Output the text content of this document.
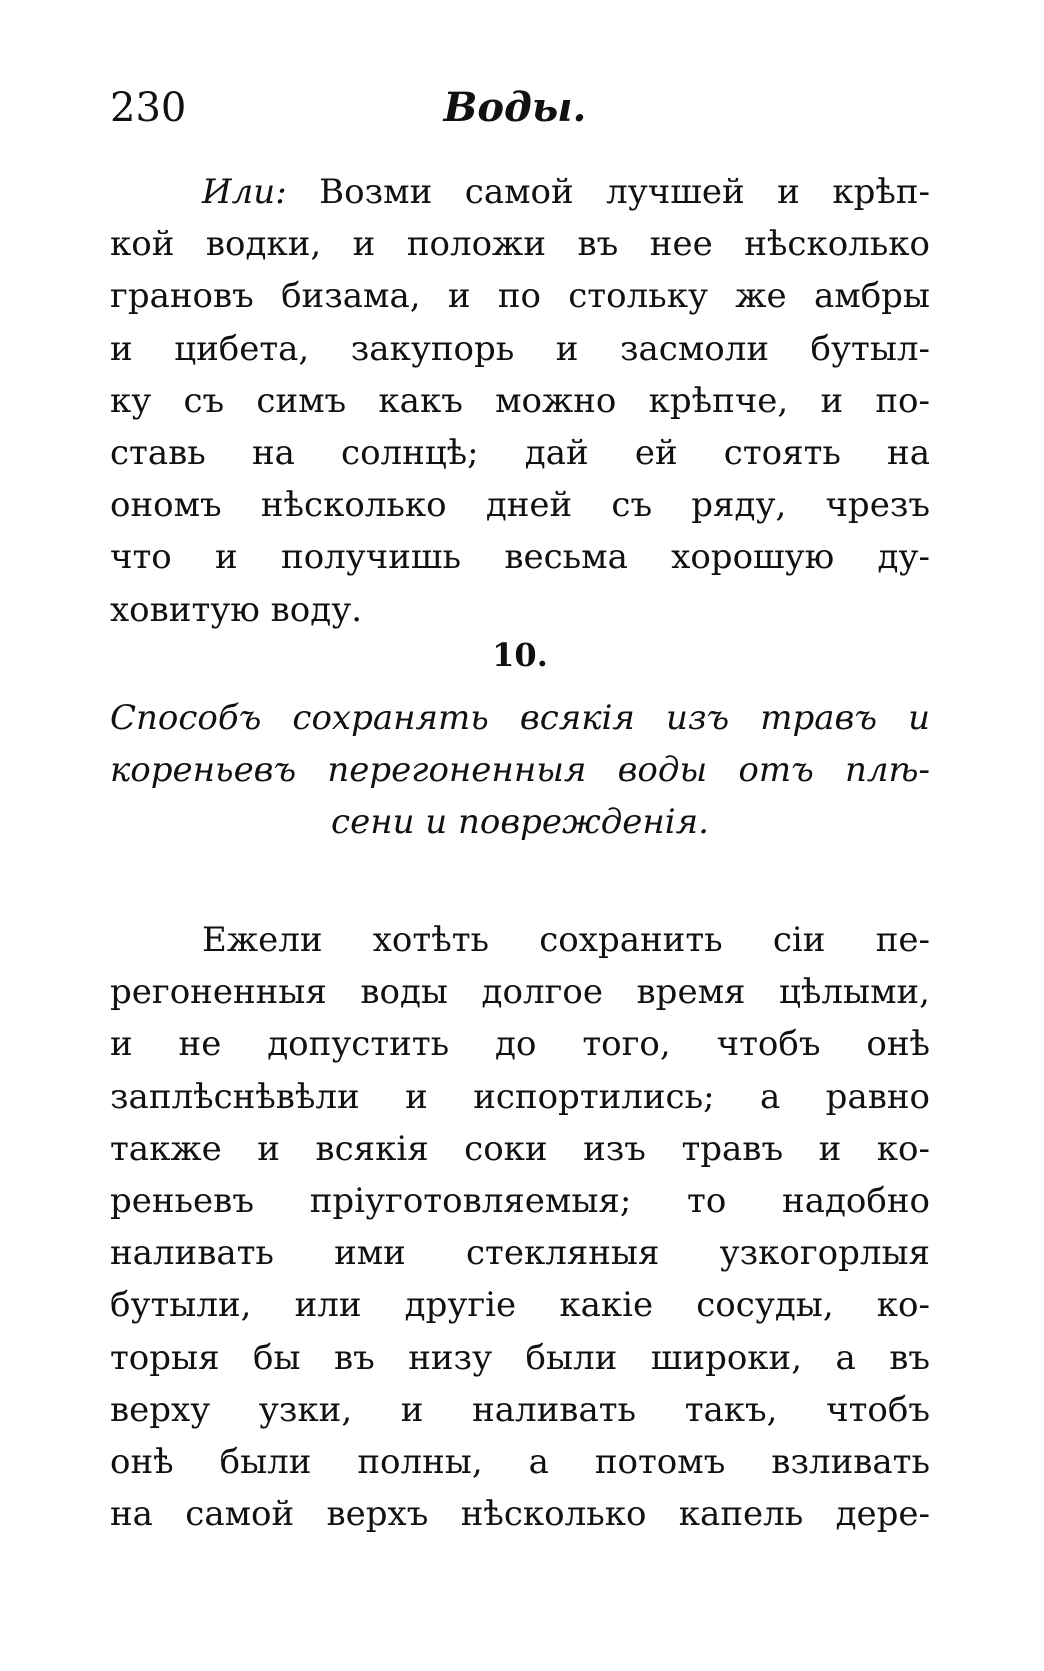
230	Воды.
Или: Возми самой лучшей и крѣп-
кой водки, и положи въ нее нѣсколько
грановъ бизама, и по стольку же амбры
и цибета, закупорь и засмоли бутыл-
ку съ симъ какъ можно крѣпче, и по-
ставь на солнцѣ; дай ей стоять на
ономъ нѣсколько дней съ ряду, чрезъ
что и получишь весьма хорошую ду-
ховитую воду.
10.
Способъ сохранять всякія изъ травъ и
кореньевъ перегоненныя воды отъ плѣ-
сени и поврежденія.
Ежели хотѣть сохранить сіи пе-
регоненныя воды долгое время цѣлыми,
и не допустить до того, чтобъ онѣ
заплѣснѣвѣли и испортились; а равно
также и всякія соки изъ травъ и ко-
реньевъ пріуготовляемыя; то надобно
наливать ими стекляныя узкогорлыя
бутыли, или другіе какіе сосуды, ко-
торыя бы въ низу были широки, а въ
верху узки, и наливать такъ, чтобъ
онѣ были полны, а потомъ взливать
на самой верхъ нѣсколько капель дере-
